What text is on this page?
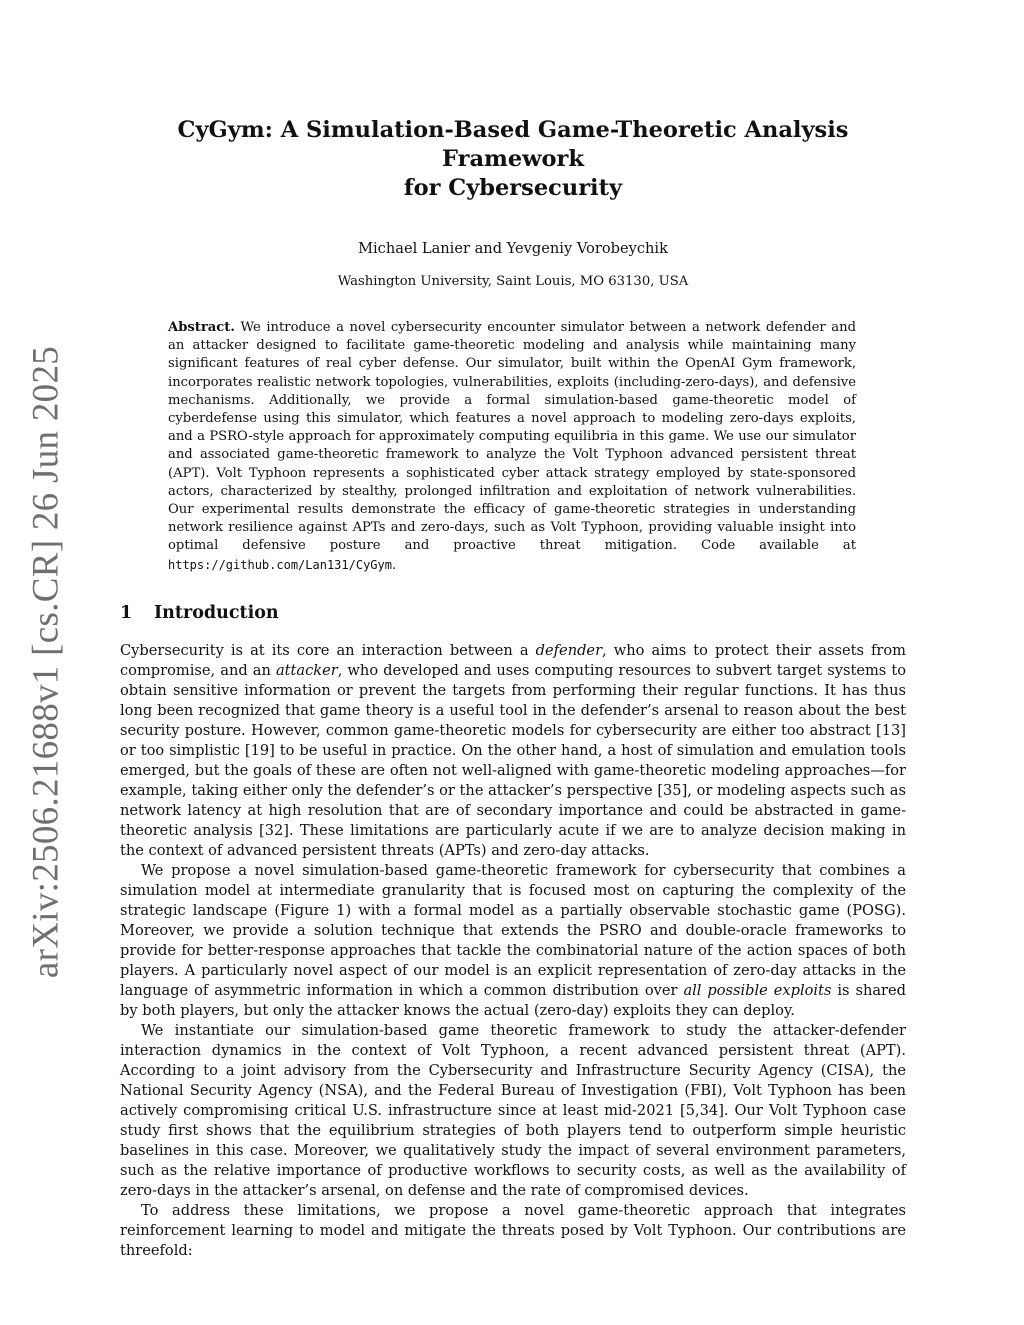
arXiv:2506.21688v1 [cs.CR] 26 Jun 2025
CyGym: A Simulation-Based Game-Theoretic Analysis Framework
for Cybersecurity
Michael Lanier and Yevgeniy Vorobeychik
Washington University, Saint Louis, MO 63130, USA
Abstract. We introduce a novel cybersecurity encounter simulator between a network defender and an attacker designed to facilitate game-theoretic modeling and analysis while maintaining many significant features of real cyber defense. Our simulator, built within the OpenAI Gym framework, incorporates realistic network topologies, vulnerabilities, exploits (including-zero-days), and defensive mechanisms. Additionally, we provide a formal simulation-based game-theoretic model of cyberdefense using this simulator, which features a novel approach to modeling zero-days exploits, and a PSRO-style approach for approximately computing equilibria in this game. We use our simulator and associated game-theoretic framework to analyze the Volt Typhoon advanced persistent threat (APT). Volt Typhoon represents a sophisticated cyber attack strategy employed by state-sponsored actors, characterized by stealthy, prolonged infiltration and exploitation of network vulnerabilities. Our experimental results demonstrate the efficacy of game-theoretic strategies in understanding network resilience against APTs and zero-days, such as Volt Typhoon, providing valuable insight into optimal defensive posture and proactive threat mitigation. Code available at https://github.com/Lan131/CyGym.
1 Introduction

Cybersecurity is at its core an interaction between a defender, who aims to protect their assets from compromise, and an attacker, who developed and uses computing resources to subvert target systems to obtain sensitive information or prevent the targets from performing their regular functions. It has thus long been recognized that game theory is a useful tool in the defender’s arsenal to reason about the best security posture. However, common game-theoretic models for cybersecurity are either too abstract [13] or too simplistic [19] to be useful in practice. On the other hand, a host of simulation and emulation tools emerged, but the goals of these are often not well-aligned with game-theoretic modeling approaches—for example, taking either only the defender’s or the attacker’s perspective [35], or modeling aspects such as network latency at high resolution that are of secondary importance and could be abstracted in game-theoretic analysis [32]. These limitations are particularly acute if we are to analyze decision making in the context of advanced persistent threats (APTs) and zero-day attacks.

We propose a novel simulation-based game-theoretic framework for cybersecurity that combines a simulation model at intermediate granularity that is focused most on capturing the complexity of the strategic landscape (Figure 1) with a formal model as a partially observable stochastic game (POSG). Moreover, we provide a solution technique that extends the PSRO and double-oracle frameworks to provide for better-response approaches that tackle the combinatorial nature of the action spaces of both players. A particularly novel aspect of our model is an explicit representation of zero-day attacks in the language of asymmetric information in which a common distribution over all possible exploits is shared by both players, but only the attacker knows the actual (zero-day) exploits they can deploy.

We instantiate our simulation-based game theoretic framework to study the attacker-defender interaction dynamics in the context of Volt Typhoon, a recent advanced persistent threat (APT). According to a joint advisory from the Cybersecurity and Infrastructure Security Agency (CISA), the National Security Agency (NSA), and the Federal Bureau of Investigation (FBI), Volt Typhoon has been actively compromising critical U.S. infrastructure since at least mid-2021 [5,34]. Our Volt Typhoon case study first shows that the equilibrium strategies of both players tend to outperform simple heuristic baselines in this case. Moreover, we qualitatively study the impact of several environment parameters, such as the relative importance of productive workflows to security costs, as well as the availability of zero-days in the attacker’s arsenal, on defense and the rate of compromised devices.

To address these limitations, we propose a novel game-theoretic approach that integrates reinforcement learning to model and mitigate the threats posed by Volt Typhoon. Our contributions are threefold:
